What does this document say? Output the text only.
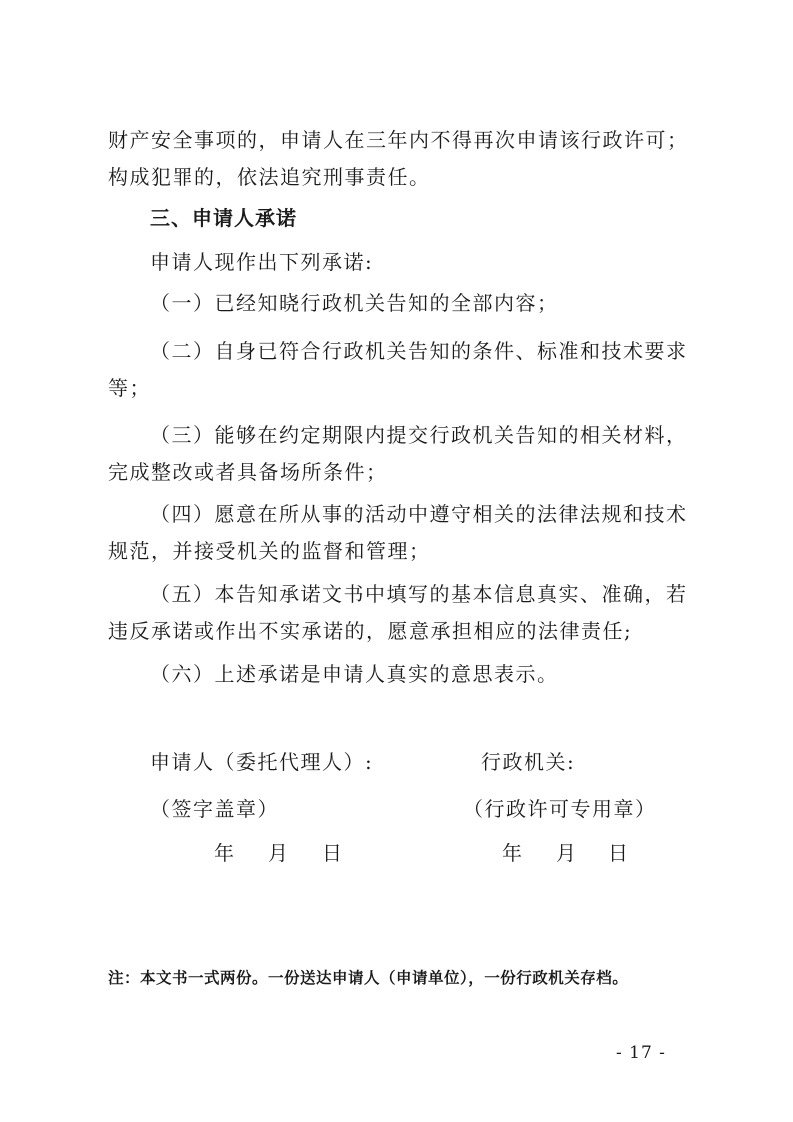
财产安全事项的，申请人在三年内不得再次申请该行政许可；
构成犯罪的，依法追究刑事责任。
三、申请人承诺
申请人现作出下列承诺:
（一）已经知晓行政机关告知的全部内容；
（二）自身已符合行政机关告知的条件、标准和技术要求
等；
（三）能够在约定期限内提交行政机关告知的相关材料，
完成整改或者具备场所条件；
（四）愿意在所从事的活动中遵守相关的法律法规和技术
规范，并接受机关的监督和管理；
（五）本告知承诺文书中填写的基本信息真实、准确，若
违反承诺或作出不实承诺的，愿意承担相应的法律责任;
（六）上述承诺是申请人真实的意思表示。
申请人（委托代理人）:
（签字盖章）
年 月 日
行政机关:
（行政许可专用章）
年 月 日
注：本文书一式两份。一份送达申请人（申请单位），一份行政机关存档。
- 17 -
